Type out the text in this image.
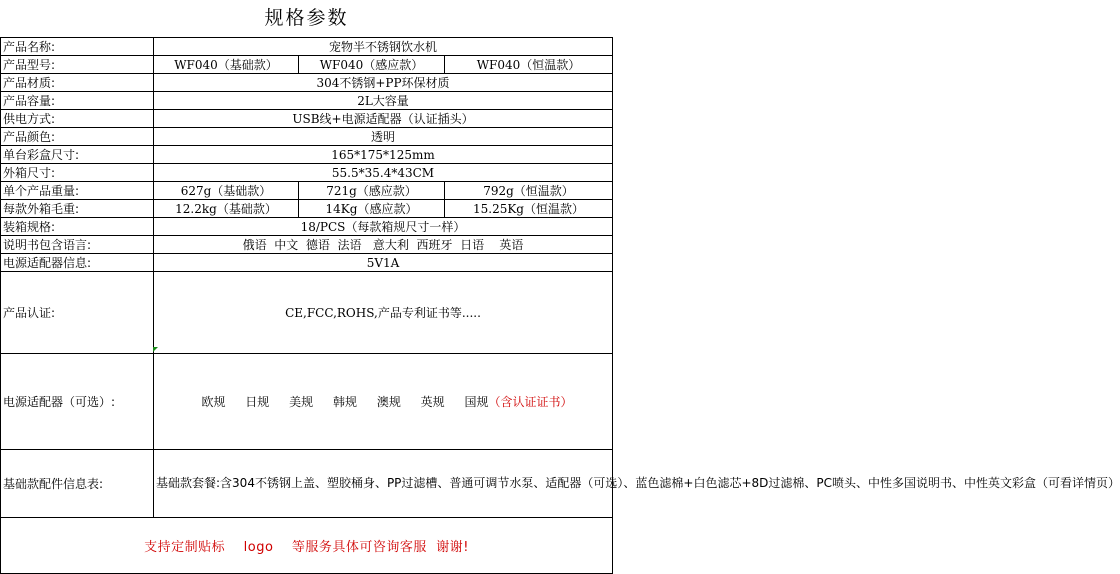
规格参数
产品名称:	宠物半不锈钢饮水机		
产品型号:	WF040（基础款）	WF040（感应款）	WF040（恒温款）
产品材质:	304不锈钢+PP环保材质		
产品容量:	2L大容量		
供电方式:	USB线+电源适配器（认证插头）		
产品颜色:	透明		
单台彩盒尺寸:	165*175*125mm		
外箱尺寸:	55.5*35.4*43CM		
单个产品重量:	627g（基础款）	721g（感应款）	792g（恒温款）
每款外箱毛重:	12.2kg（基础款）	14Kg（感应款）	15.25Kg（恒温款）
装箱规格:	18/PCS（每款箱规尺寸一样）		
说明书包含语言:	俄语  中文  德语  法语   意大利  西班牙  日语    英语		
电源适配器信息:	5V1A		
产品认证:	CE,FCC,ROHS,产品专利证书等.....		
电源适配器（可选）:	欧规 日规 美规 韩规 澳规 英规 国规（含认证证书）		
基础款配件信息表:	基础款套餐:含304不锈钢上盖、塑胶桶身、PP过滤槽、普通可调节水泵、适配器（可选）、蓝色滤棉+白色滤芯+8D过滤棉、PC喷头、中性多国说明书、中性英文彩盒（可看详情页）		
支持定制贴标    logo    等服务具体可咨询客服  谢谢!			
